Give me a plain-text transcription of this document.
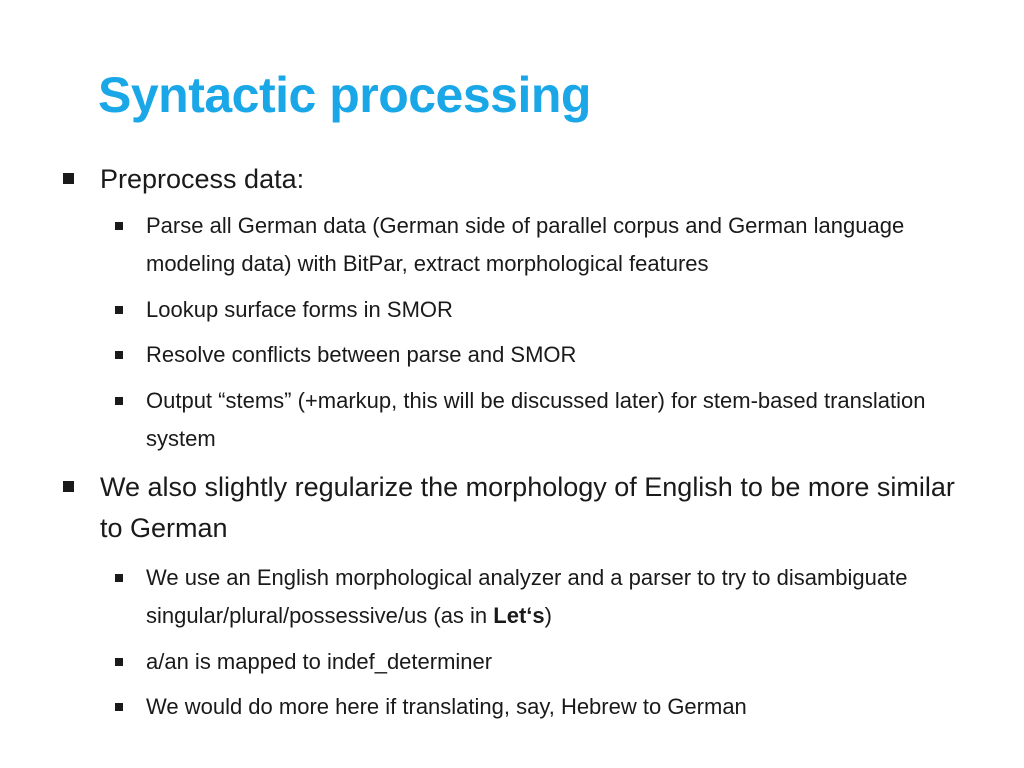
Syntactic processing
Preprocess data:
Parse all German data (German side of parallel corpus and German language modeling data) with BitPar, extract morphological features
Lookup surface forms in SMOR
Resolve conflicts between parse and SMOR
Output “stems” (+markup, this will be discussed later) for stem-based translation system
We also slightly regularize the morphology of English to be more similar to German
We use an English morphological analyzer and a parser to try to disambiguate singular/plural/possessive/us (as in Let‘s)
a/an is mapped to indef_determiner
We would do more here if translating, say, Hebrew to German
